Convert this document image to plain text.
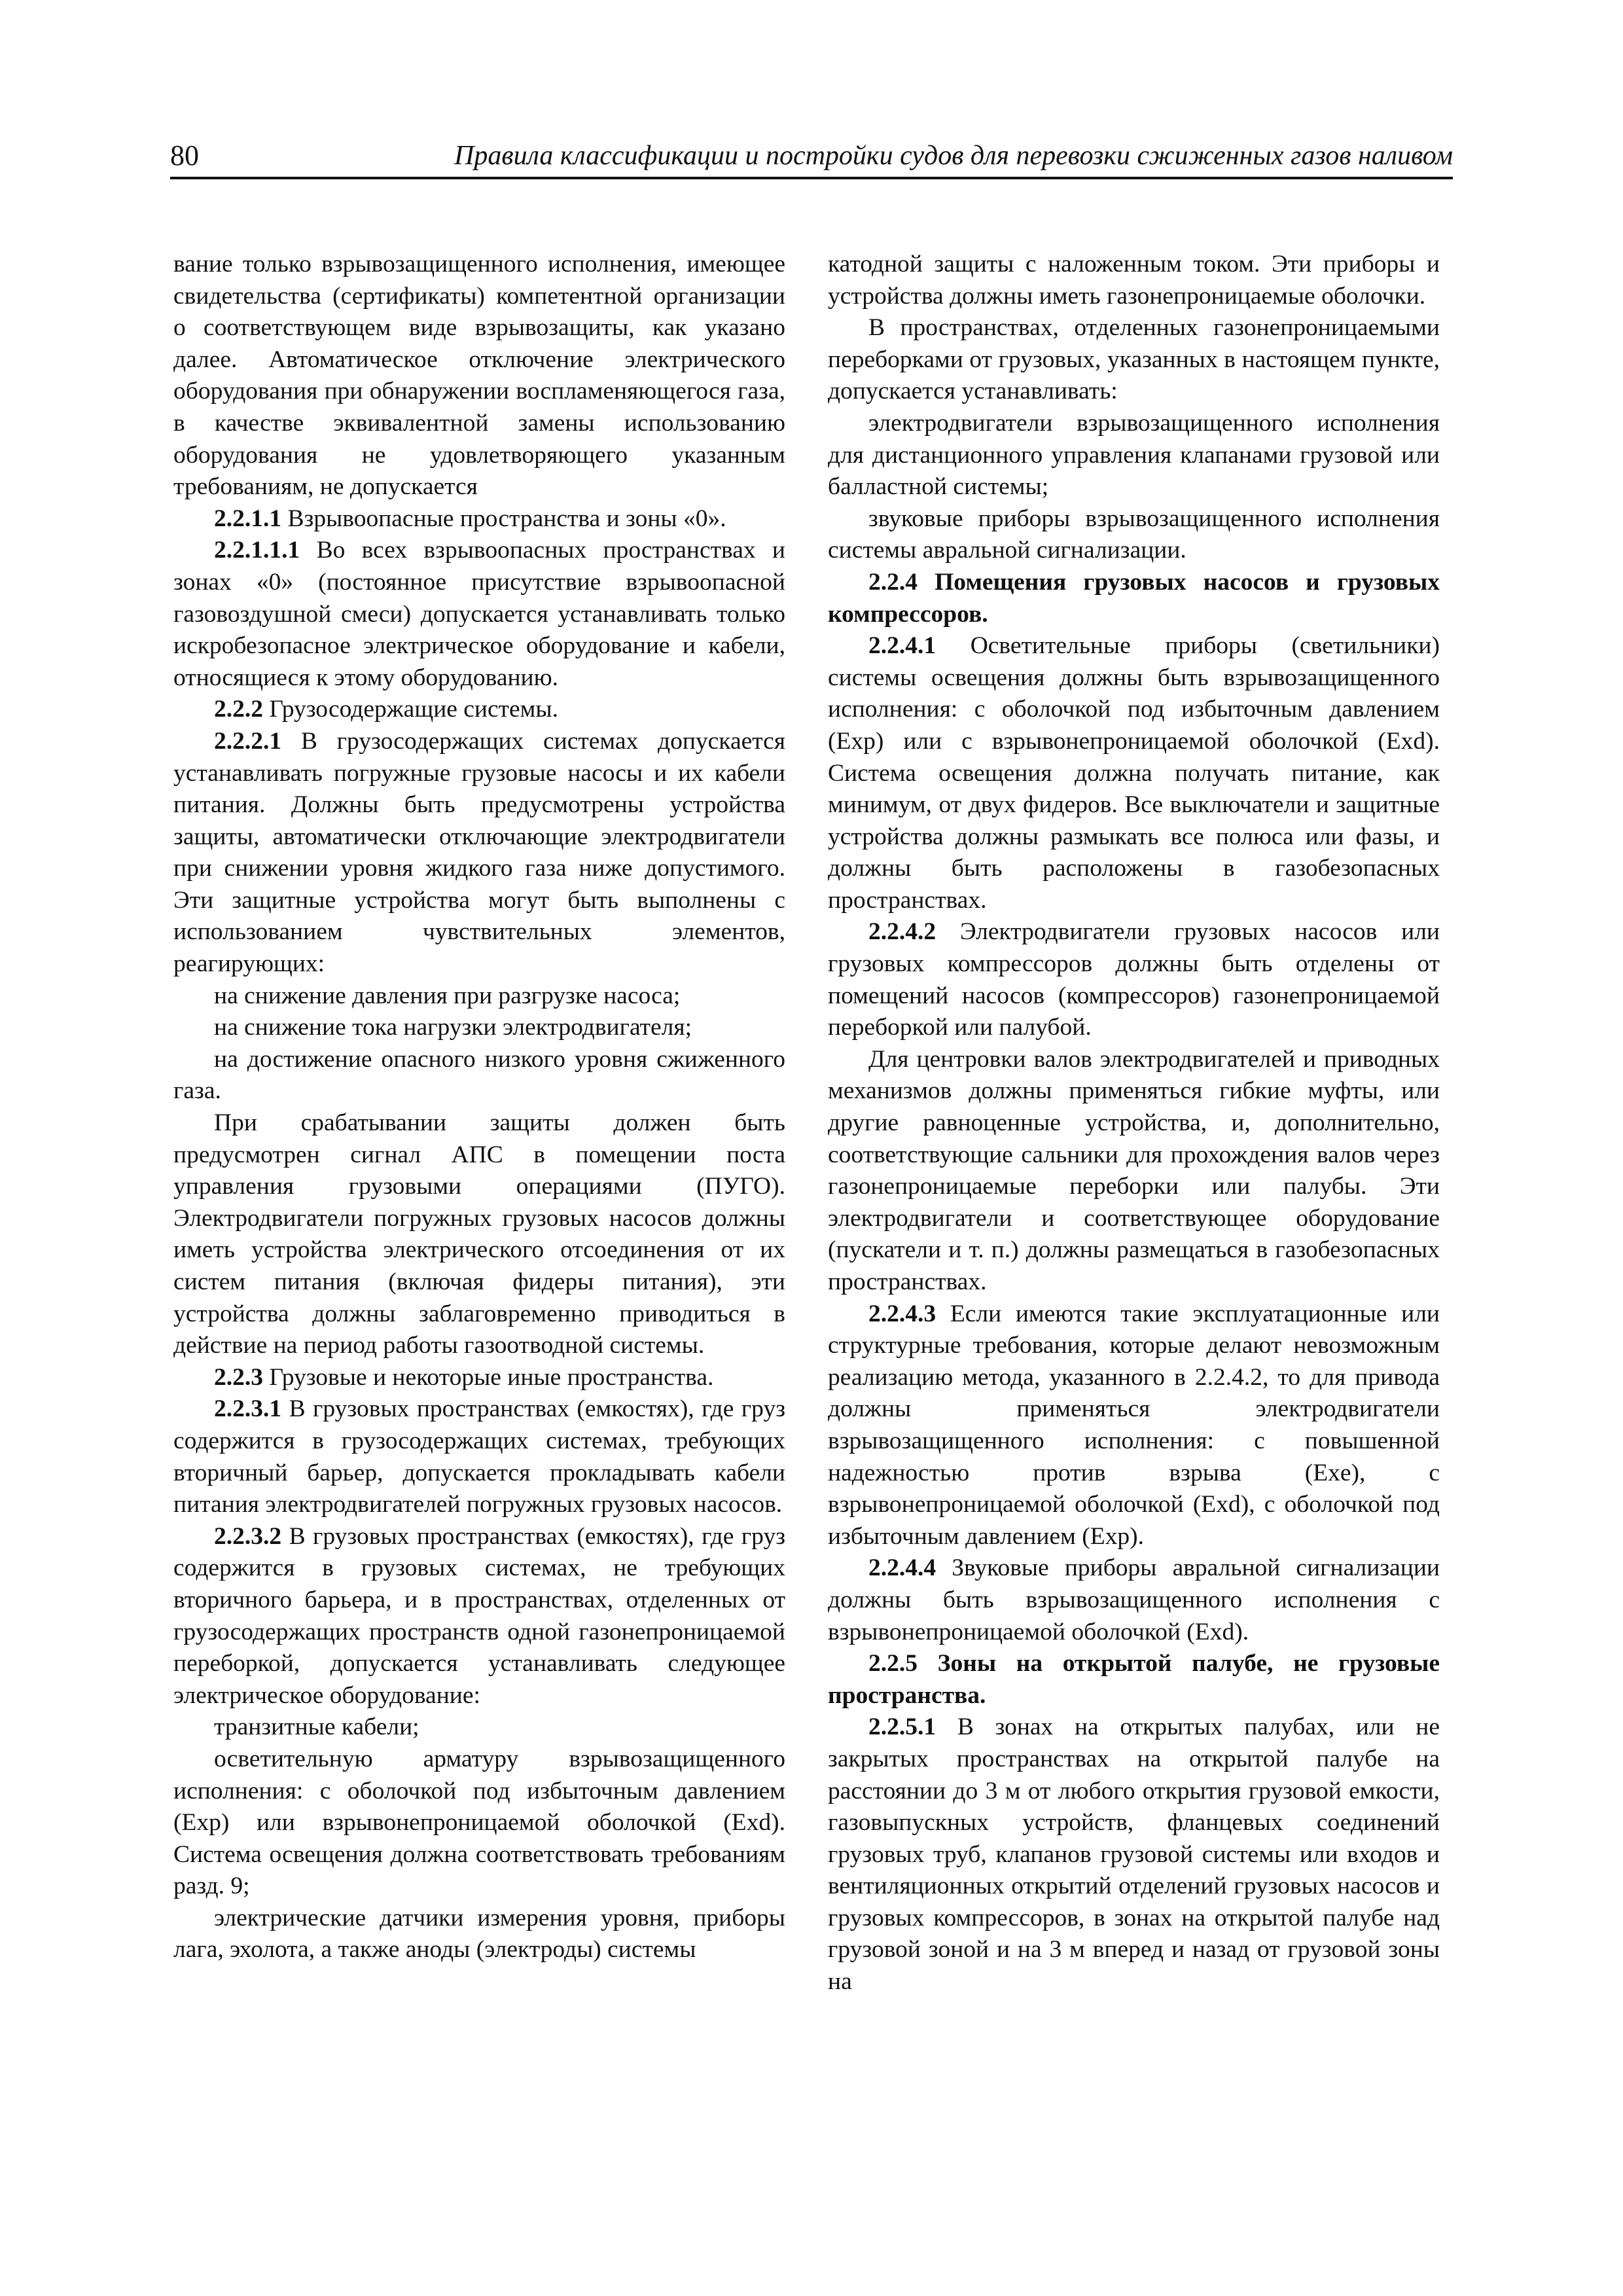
80	Правила классификации и постройки судов для перевозки сжиженных газов наливом

вание только взрывозащищенного исполнения, имеющее свидетельства (сертификаты) компетентной организации о соответствующем виде взрывозащиты, как указано далее. Автоматическое отключение электрического оборудования при обнаружении воспламеняющегося газа, в качестве эквивалентной замены использованию оборудования не удовлетворяющего указанным требованиям, не допускается

2.2.1.1 Взрывоопасные пространства и зоны «0».

2.2.1.1.1 Во всех взрывоопасных пространствах и зонах «0» (постоянное присутствие взрывоопасной газовоздушной смеси) допускается устанавливать только искробезопасное электрическое оборудование и кабели, относящиеся к этому оборудованию.

2.2.2 Грузосодержащие системы.

2.2.2.1 В грузосодержащих системах допускается устанавливать погружные грузовые насосы и их кабели питания. Должны быть предусмотрены устройства защиты, автоматически отключающие электродвигатели при снижении уровня жидкого газа ниже допустимого. Эти защитные устройства могут быть выполнены с использованием чувствительных элементов, реагирующих:

на снижение давления при разгрузке насоса;

на снижение тока нагрузки электродвигателя;

на достижение опасного низкого уровня сжиженного газа.

При срабатывании защиты должен быть предусмотрен сигнал АПС в помещении поста управления грузовыми операциями (ПУГО). Электродвигатели погружных грузовых насосов должны иметь устройства электрического отсоединения от их систем питания (включая фидеры питания), эти устройства должны заблаговременно приводиться в действие на период работы газоотводной системы.

2.2.3 Грузовые и некоторые иные пространства.

2.2.3.1 В грузовых пространствах (емкостях), где груз содержится в грузосодержащих системах, требующих вторичный барьер, допускается прокладывать кабели питания электродвигателей погружных грузовых насосов.

2.2.3.2 В грузовых пространствах (емкостях), где груз содержится в грузовых системах, не требующих вторичного барьера, и в пространствах, отделенных от грузосодержащих пространств одной газонепроницаемой переборкой, допускается устанавливать следующее электрическое оборудование:

транзитные кабели;

осветительную арматуру взрывозащищенного исполнения: с оболочкой под избыточным давлением (Exp) или взрывонепроницаемой оболочкой (Exd). Система освещения должна соответствовать требованиям разд. 9;

электрические датчики измерения уровня, приборы лага, эхолота, а также аноды (электроды) системы

катодной защиты с наложенным током. Эти приборы и устройства должны иметь газонепроницаемые оболочки.

В пространствах, отделенных газонепроницаемыми переборками от грузовых, указанных в настоящем пункте, допускается устанавливать:

электродвигатели взрывозащищенного исполнения для дистанционного управления клапанами грузовой или балластной системы;

звуковые приборы взрывозащищенного исполнения системы авральной сигнализации.

2.2.4 Помещения грузовых насосов и грузовых компрессоров.

2.2.4.1 Осветительные приборы (светильники) системы освещения должны быть взрывозащищенного исполнения: с оболочкой под избыточным давлением (Exp) или с взрывонепроницаемой оболочкой (Exd). Система освещения должна получать питание, как минимум, от двух фидеров. Все выключатели и защитные устройства должны размыкать все полюса или фазы, и должны быть расположены в газобезопасных пространствах.

2.2.4.2 Электродвигатели грузовых насосов или грузовых компрессоров должны быть отделены от помещений насосов (компрессоров) газонепроницаемой переборкой или палубой.

Для центровки валов электродвигателей и приводных механизмов должны применяться гибкие муфты, или другие равноценные устройства, и, дополнительно, соответствующие сальники для прохождения валов через газонепроницаемые переборки или палубы. Эти электродвигатели и соответствующее оборудование (пускатели и т. п.) должны размещаться в газобезопасных пространствах.

2.2.4.3 Если имеются такие эксплуатационные или структурные требования, которые делают невозможным реализацию метода, указанного в 2.2.4.2, то для привода должны применяться электродвигатели взрывозащищенного исполнения: с повышенной надежностью против взрыва (Exe), с взрывонепроницаемой оболочкой (Exd), с оболочкой под избыточным давлением (Exp).

2.2.4.4 Звуковые приборы авральной сигнализации должны быть взрывозащищенного исполнения с взрывонепроницаемой оболочкой (Exd).

2.2.5 Зоны на открытой палубе, не грузовые пространства.

2.2.5.1 В зонах на открытых палубах, или не закрытых пространствах на открытой палубе на расстоянии до 3 м от любого открытия грузовой емкости, газовыпускных устройств, фланцевых соединений грузовых труб, клапанов грузовой системы или входов и вентиляционных открытий отделений грузовых насосов и грузовых компрессоров, в зонах на открытой палубе над грузовой зоной и на 3 м вперед и назад от грузовой зоны на
